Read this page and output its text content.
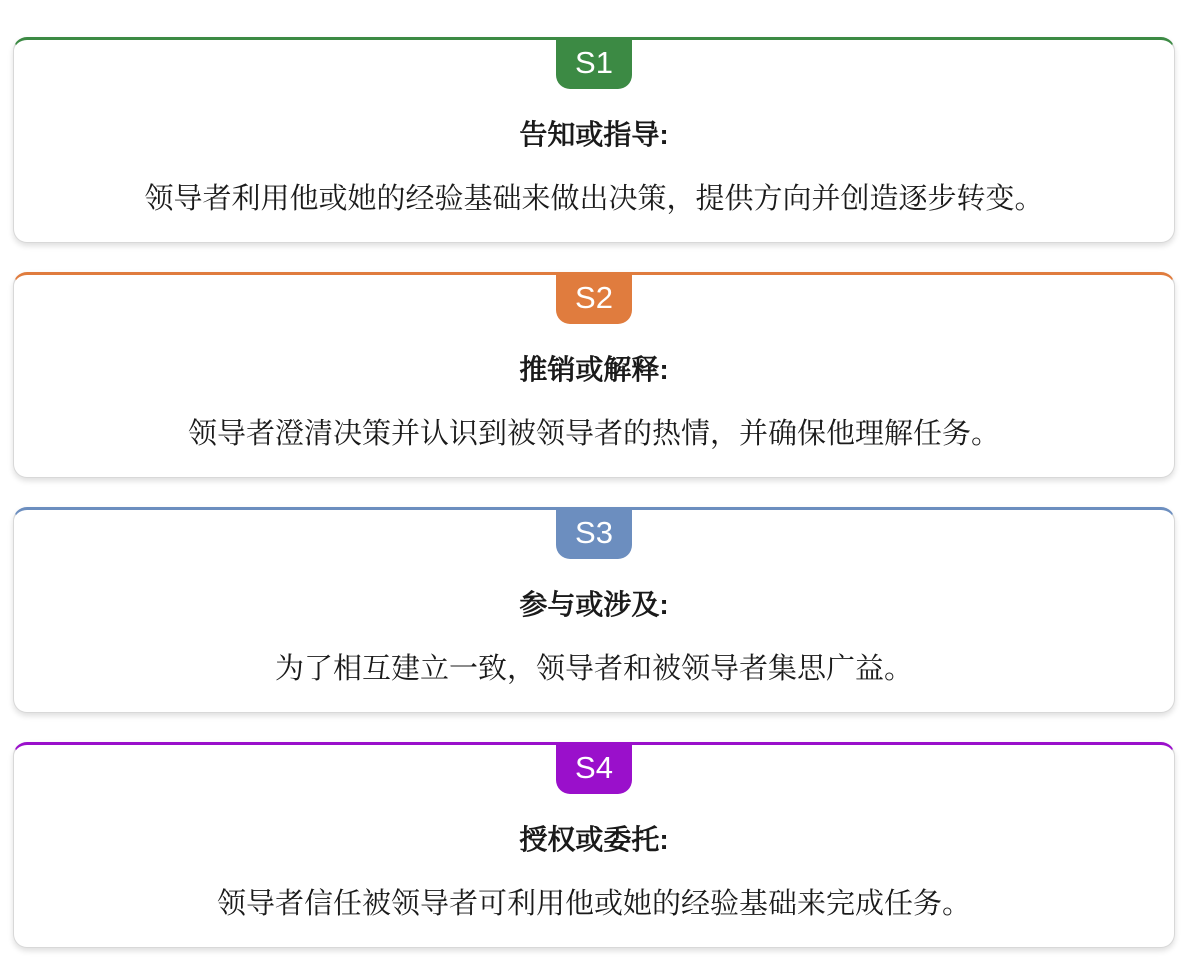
S1
告知或指导:

领导者利用他或她的经验基础来做出决策，提供方向并创造逐步转变。

S2
推销或解释:

领导者澄清决策并认识到被领导者的热情，并确保他理解任务。

S3
参与或涉及:

为了相互建立一致，领导者和被领导者集思广益。

S4
授权或委托:

领导者信任被领导者可利用他或她的经验基础来完成任务。
